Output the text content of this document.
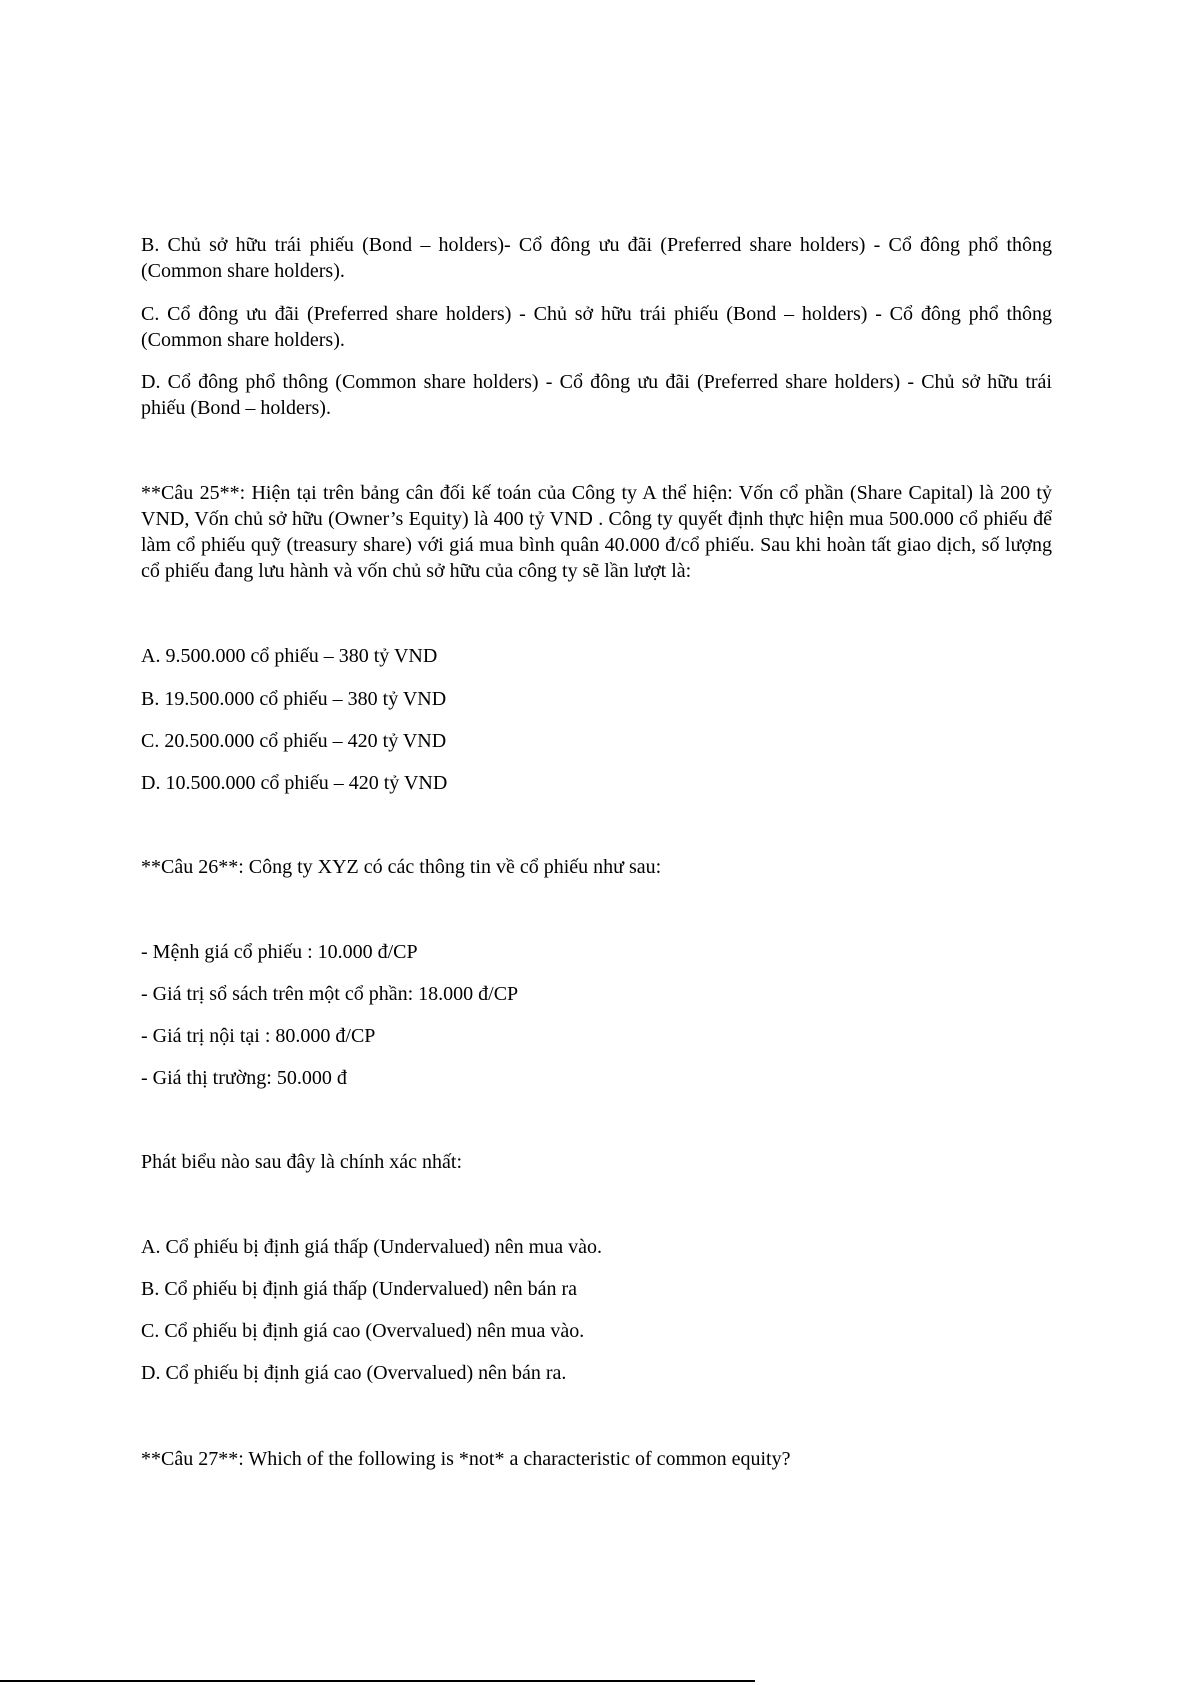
B. Chủ sở hữu trái phiếu (Bond – holders)- Cổ đông ưu đãi (Preferred share holders) - Cổ đông phổ thông (Common share holders).
C. Cổ đông ưu đãi (Preferred share holders) - Chủ sở hữu trái phiếu (Bond – holders) - Cổ đông phổ thông (Common share holders).
D. Cổ đông phổ thông (Common share holders) - Cổ đông ưu đãi (Preferred share holders) - Chủ sở hữu trái phiếu (Bond – holders).
**Câu 25**: Hiện tại trên bảng cân đối kế toán của Công ty A thể hiện: Vốn cổ phần (Share Capital) là 200 tỷ VND, Vốn chủ sở hữu (Owner’s Equity) là 400 tỷ VND . Công ty quyết định thực hiện mua 500.000 cổ phiếu để làm cổ phiếu quỹ (treasury share) với giá mua bình quân 40.000 đ/cổ phiếu. Sau khi hoàn tất giao dịch, số lượng cổ phiếu đang lưu hành và vốn chủ sở hữu của công ty sẽ lần lượt là:
A. 9.500.000 cổ phiếu – 380 tỷ VND
B. 19.500.000 cổ phiếu – 380 tỷ VND
C. 20.500.000 cổ phiếu – 420 tỷ VND
D. 10.500.000 cổ phiếu – 420 tỷ VND
**Câu 26**: Công ty XYZ có các thông tin về cổ phiếu như sau:
- Mệnh giá cổ phiếu : 10.000 đ/CP
- Giá trị sổ sách trên một cổ phần: 18.000 đ/CP
- Giá trị nội tại : 80.000 đ/CP
- Giá thị trường: 50.000 đ
Phát biểu nào sau đây là chính xác nhất:
A. Cổ phiếu bị định giá thấp (Undervalued) nên mua vào.
B. Cổ phiếu bị định giá thấp (Undervalued) nên bán ra
C. Cổ phiếu bị định giá cao (Overvalued) nên mua vào.
D. Cổ phiếu bị định giá cao (Overvalued) nên bán ra.
**Câu 27**: Which of the following is *not* a characteristic of common equity?
